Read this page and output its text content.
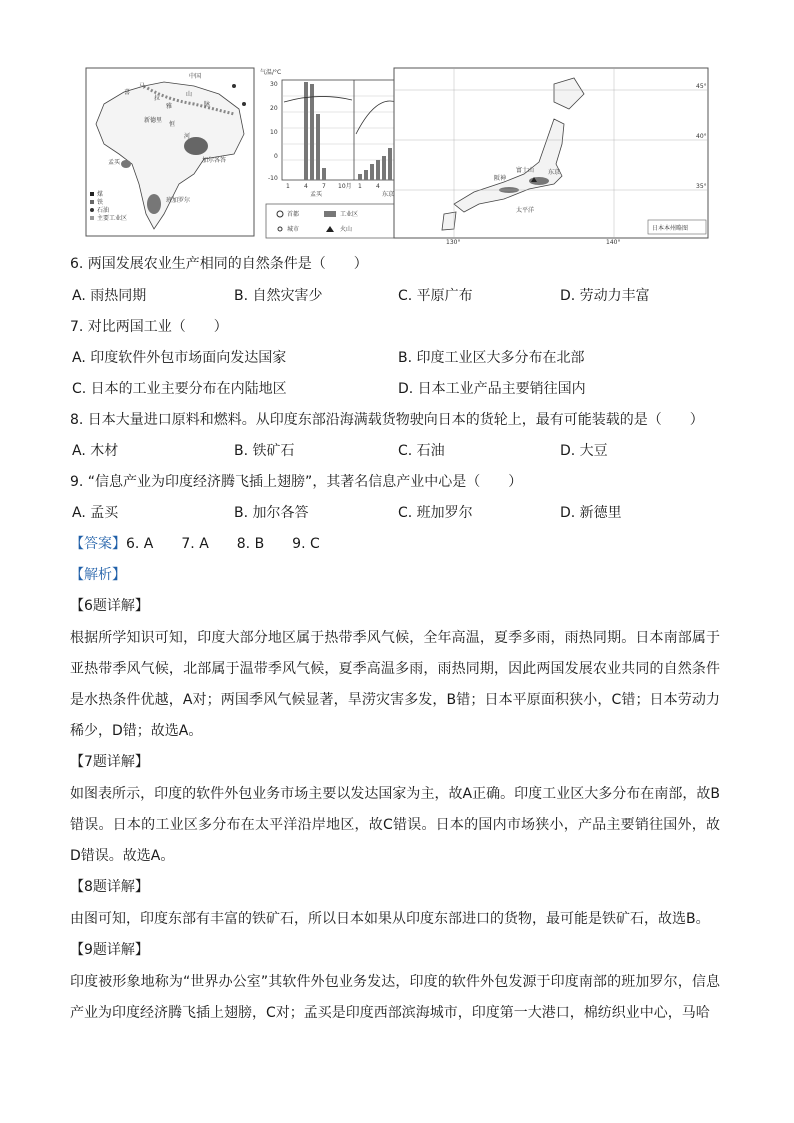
喜
马
拉
雅
山
脉
中国
恒
河
新德里
加尔各答
孟买
班加罗尔
煤
铁
石油
主要工业区
气温/°C
30
20
10
0
-10
1 4 7 10月 1 4
孟买	东京
首都	工业区
城市	火山
45°
40°
35°
130°	140°
阪神
东京
富士山
太平洋
日本本州略图
6. 两国发展农业生产相同的自然条件是（　　）
A. 雨热同期	B. 自然灾害少	C. 平原广布	D. 劳动力丰富
7. 对比两国工业（　　）
A. 印度软件外包市场面向发达国家	B. 印度工业区大多分布在北部
C. 日本的工业主要分布在内陆地区	D. 日本工业产品主要销往国内
8. 日本大量进口原料和燃料。从印度东部沿海满载货物驶向日本的货轮上，最有可能装载的是（　　）
A. 木材	B. 铁矿石	C. 石油	D. 大豆
9. “信息产业为印度经济腾飞插上翅膀”，其著名信息产业中心是（　　）
A. 孟买	B. 加尔各答	C. 班加罗尔	D. 新德里
【答案】6. A　　7. A　　8. B　　9. C
【解析】
【6题详解】
根据所学知识可知，印度大部分地区属于热带季风气候，全年高温，夏季多雨，雨热同期。日本南部属于亚热带季风气候，北部属于温带季风气候，夏季高温多雨，雨热同期，因此两国发展农业共同的自然条件是水热条件优越，A对；两国季风气候显著，旱涝灾害多发，B错；日本平原面积狭小，C错；日本劳动力稀少，D错；故选A。
【7题详解】
如图表所示，印度的软件外包业务市场主要以发达国家为主，故A正确。印度工业区大多分布在南部，故B错误。日本的工业区多分布在太平洋沿岸地区，故C错误。日本的国内市场狭小，产品主要销往国外，故D错误。故选A。
【8题详解】
由图可知，印度东部有丰富的铁矿石，所以日本如果从印度东部进口的货物，最可能是铁矿石，故选B。
【9题详解】
印度被形象地称为“世界办公室”其软件外包业务发达，印度的软件外包发源于印度南部的班加罗尔，信息产业为印度经济腾飞插上翅膀，C对；孟买是印度西部滨海城市，印度第一大港口，棉纺织业中心，马哈
